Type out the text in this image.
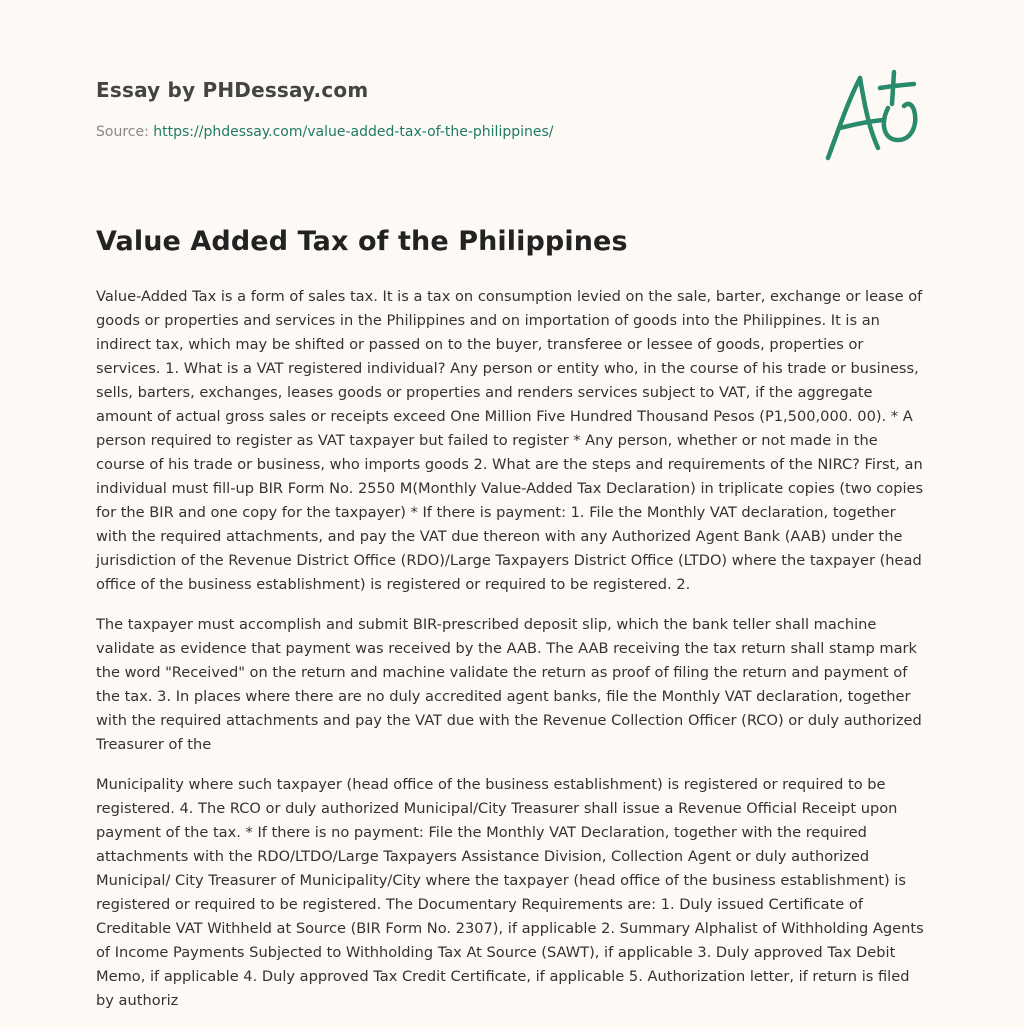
Essay by PHDessay.com
Source: https://phdessay.com/value-added-tax-of-the-philippines/
Value Added Tax of the Philippines

Value-Added Tax is a form of sales tax. It is a tax on consumption levied on the sale, barter, exchange or lease of goods or properties and services in the Philippines and on importation of goods into the Philippines. It is an indirect tax, which may be shifted or passed on to the buyer, transferee or lessee of goods, properties or services. 1. What is a VAT registered individual? Any person or entity who, in the course of his trade or business, sells, barters, exchanges, leases goods or properties and renders services subject to VAT, if the aggregate amount of actual gross sales or receipts exceed One Million Five Hundred Thousand Pesos (P1,500,000. 00). * A person required to register as VAT taxpayer but failed to register * Any person, whether or not made in the course of his trade or business, who imports goods 2. What are the steps and requirements of the NIRC? First, an individual must fill-up BIR Form No. 2550 M(Monthly Value-Added Tax Declaration) in triplicate copies (two copies for the BIR and one copy for the taxpayer) * If there is payment: 1. File the Monthly VAT declaration, together with the required attachments, and pay the VAT due thereon with any Authorized Agent Bank (AAB) under the jurisdiction of the Revenue District Office (RDO)/Large Taxpayers District Office (LTDO) where the taxpayer (head office of the business establishment) is registered or required to be registered. 2.

The taxpayer must accomplish and submit BIR-prescribed deposit slip, which the bank teller shall machine validate as evidence that payment was received by the AAB. The AAB receiving the tax return shall stamp mark the word "Received" on the return and machine validate the return as proof of filing the return and payment of the tax. 3. In places where there are no duly accredited agent banks, file the Monthly VAT declaration, together with the required attachments and pay the VAT due with the Revenue Collection Officer (RCO) or duly authorized Treasurer of the

Municipality where such taxpayer (head office of the business establishment) is registered or required to be registered. 4. The RCO or duly authorized Municipal/City Treasurer shall issue a Revenue Official Receipt upon payment of the tax. * If there is no payment: File the Monthly VAT Declaration, together with the required attachments with the RDO/LTDO/Large Taxpayers Assistance Division, Collection Agent or duly authorized Municipal/ City Treasurer of Municipality/City where the taxpayer (head office of the business establishment) is registered or required to be registered. The Documentary Requirements are: 1. Duly issued Certificate of Creditable VAT Withheld at Source (BIR Form No. 2307), if applicable 2. Summary Alphalist of Withholding Agents of Income Payments Subjected to Withholding Tax At Source (SAWT), if applicable 3. Duly approved Tax Debit Memo, if applicable 4. Duly approved Tax Credit Certificate, if applicable 5. Authorization letter, if return is filed by authoriz
